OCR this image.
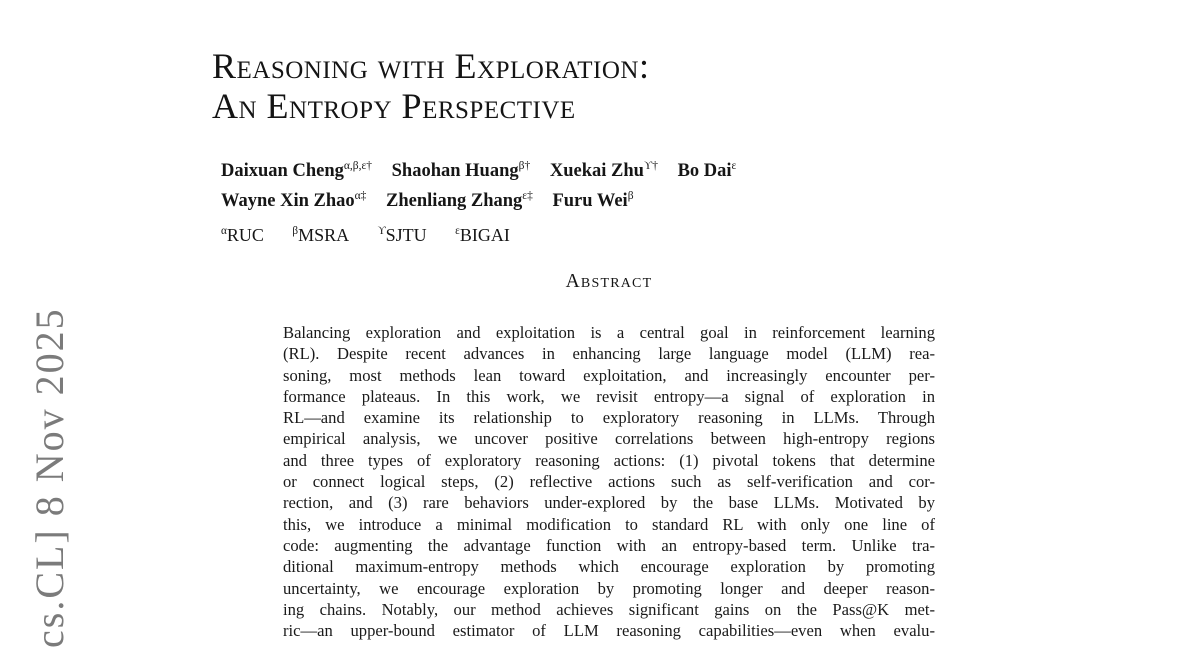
cs.CL] 8 Nov 2025
Reasoning with Exploration:
An Entropy Perspective
Daixuan Cheng$^{\alpha,\beta,\varepsilon\dagger}$ Shaohan Huang$^{\beta\dagger}$ Xuekai Zhu$^{ϒ\dagger}$ Bo Dai$^\varepsilon$
Wayne Xin Zhao$^{\alpha\ddagger}$ Zhenliang Zhang$^{\varepsilon\ddagger}$ Furu Wei$^\beta$
$^\alpha$RUC	$^\beta$MSRA	$^ϒ$SJTU	$^\varepsilon$BIGAI
Abstract
Balancing exploration and exploitation is a central goal in reinforcement learning
(RL). Despite recent advances in enhancing large language model (LLM) rea-
soning, most methods lean toward exploitation, and increasingly encounter per-
formance plateaus. In this work, we revisit entropy—a signal of exploration in
RL—and examine its relationship to exploratory reasoning in LLMs. Through
empirical analysis, we uncover positive correlations between high-entropy regions
and three types of exploratory reasoning actions: (1) pivotal tokens that determine
or connect logical steps, (2) reflective actions such as self-verification and cor-
rection, and (3) rare behaviors under-explored by the base LLMs. Motivated by
this, we introduce a minimal modification to standard RL with only one line of
code: augmenting the advantage function with an entropy-based term. Unlike tra-
ditional maximum-entropy methods which encourage exploration by promoting
uncertainty, we encourage exploration by promoting longer and deeper reason-
ing chains. Notably, our method achieves significant gains on the Pass@K met-
ric—an upper-bound estimator of LLM reasoning capabilities—even when evalu-
